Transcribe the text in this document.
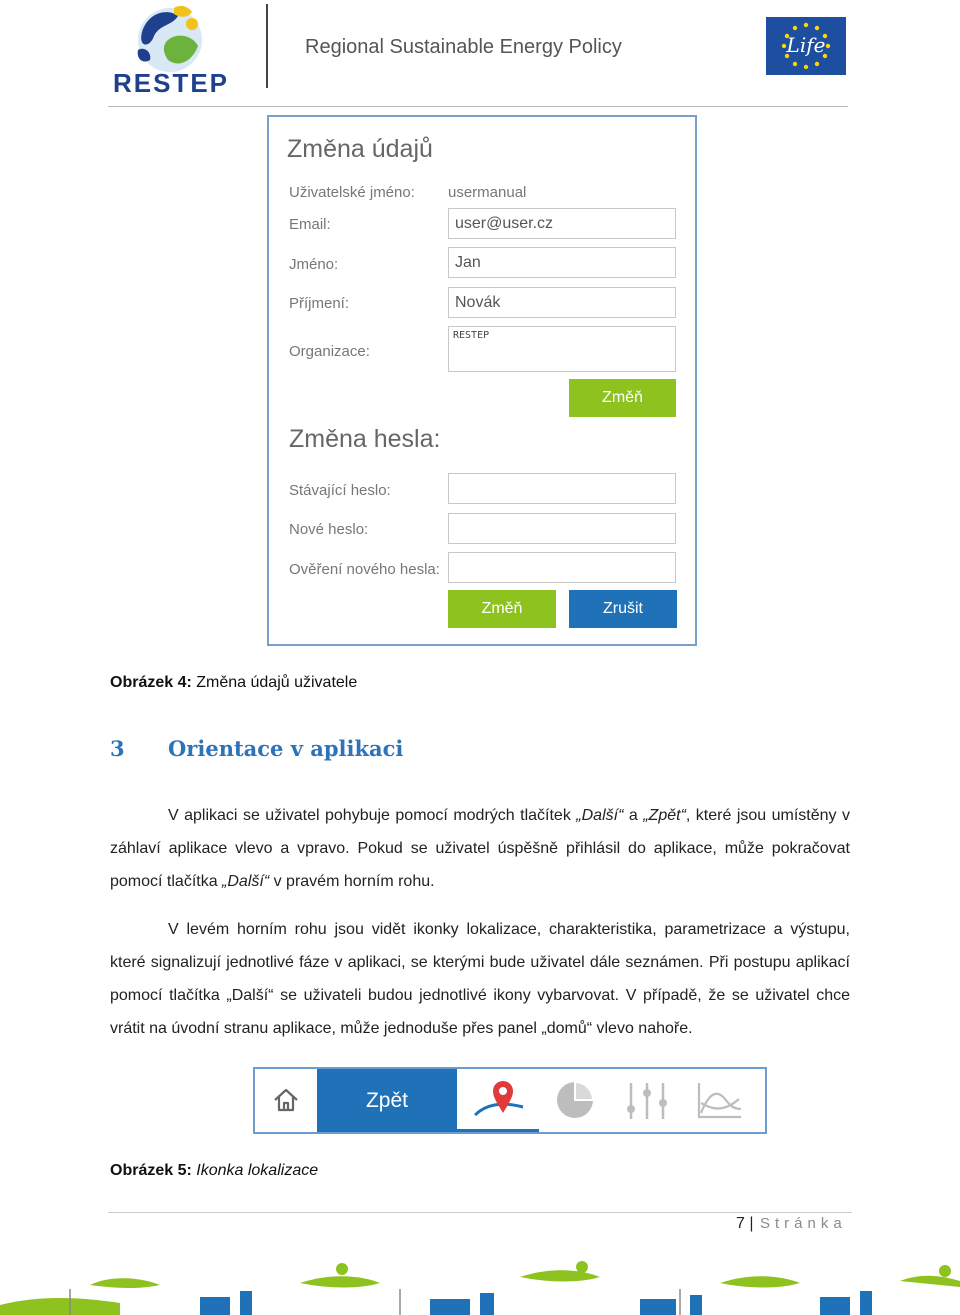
RESTEP
Regional Sustainable Energy Policy	Life
Změna údajů
Uživatelské jméno: usermanual
Email:	user@user.cz
Jméno:	Jan
Příjmení:	Novák
Organizace:
RESTEP
Změň
Změna hesla:
Stávající heslo:
Nové heslo:
Ověření nového hesla:
Změň	Zrušit
Obrázek 4: Změna údajů uživatele
3 Orientace v aplikaci

V aplikaci se uživatel pohybuje pomocí modrých tlačítek „Další“ a „Zpět“, které jsou umístěny v záhlaví aplikace vlevo a vpravo. Pokud se uživatel úspěšně přihlásil do aplikace, může pokračovat pomocí tlačítka „Další“ v pravém horním rohu.

V levém horním rohu jsou vidět ikonky lokalizace, charakteristika, parametrizace a výstupu, které signalizují jednotlivé fáze v aplikaci, se kterými bude uživatel dále seznámen. Při postupu aplikací pomocí tlačítka „Další“ se uživateli budou jednotlivé ikony vybarvovat. V případě, že se uživatel chce vrátit na úvodní stranu aplikace, může jednoduše přes panel „domů“ vlevo nahoře.

Zpět
Obrázek 5: Ikonka lokalizace
7 | Stránka
